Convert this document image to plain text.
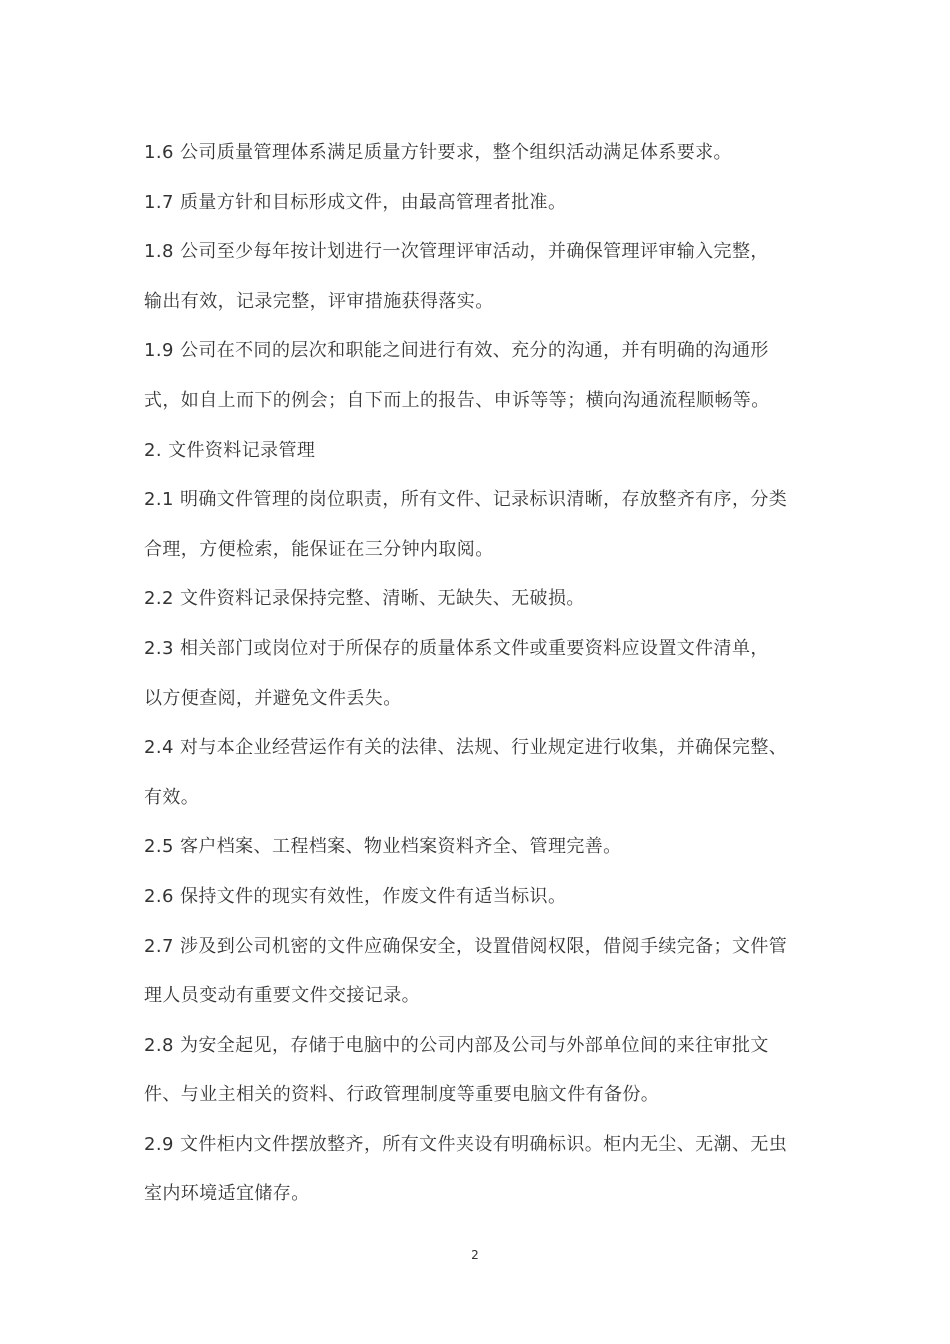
1.6 公司质量管理体系满足质量方针要求，整个组织活动满足体系要求。
1.7 质量方针和目标形成文件，由最高管理者批准。
1.8 公司至少每年按计划进行一次管理评审活动，并确保管理评审输入完整，
输出有效，记录完整，评审措施获得落实。
1.9 公司在不同的层次和职能之间进行有效、充分的沟通，并有明确的沟通形
式，如自上而下的例会；自下而上的报告、申诉等等；横向沟通流程顺畅等。
2. 文件资料记录管理
2.1 明确文件管理的岗位职责，所有文件、记录标识清晰，存放整齐有序，分类
合理，方便检索，能保证在三分钟内取阅。
2.2 文件资料记录保持完整、清晰、无缺失、无破损。
2.3 相关部门或岗位对于所保存的质量体系文件或重要资料应设置文件清单，
以方便查阅，并避免文件丢失。
2.4 对与本企业经营运作有关的法律、法规、行业规定进行收集，并确保完整、
有效。
2.5 客户档案、工程档案、物业档案资料齐全、管理完善。
2.6 保持文件的现实有效性，作废文件有适当标识。
2.7 涉及到公司机密的文件应确保安全，设置借阅权限，借阅手续完备；文件管
理人员变动有重要文件交接记录。
2.8 为安全起见，存储于电脑中的公司内部及公司与外部单位间的来往审批文
件、与业主相关的资料、行政管理制度等重要电脑文件有备份。
2.9 文件柜内文件摆放整齐，所有文件夹设有明确标识。柜内无尘、无潮、无虫
室内环境适宜储存。
2
